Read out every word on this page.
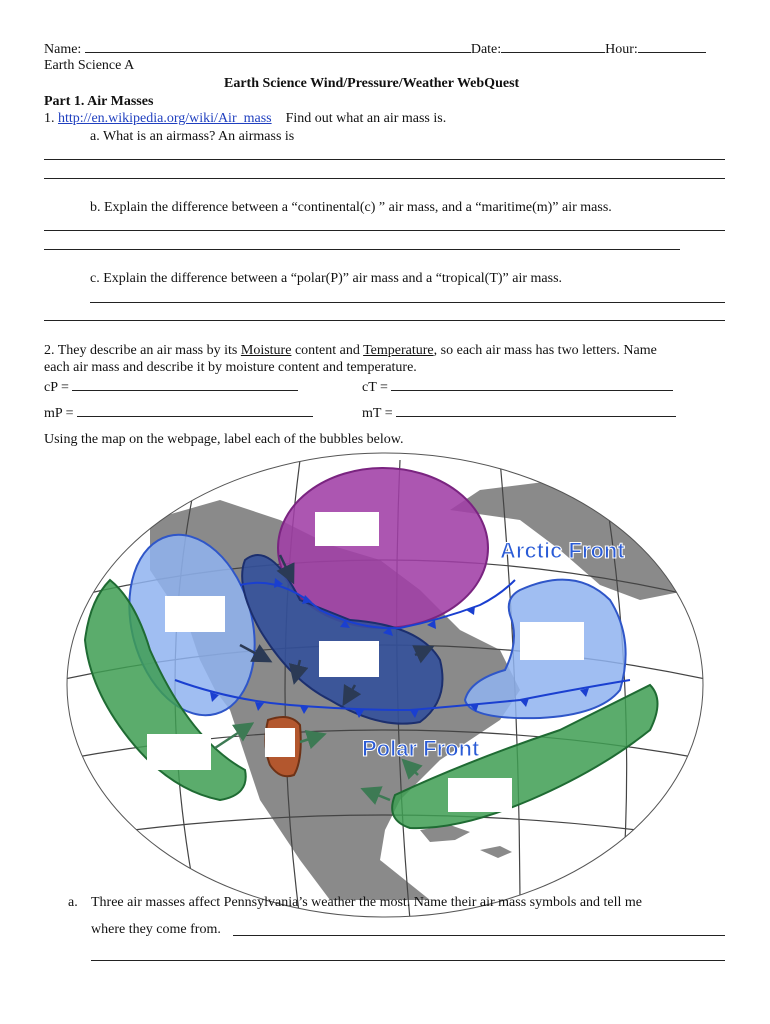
Name:	Date:	Hour:
Earth Science A
Earth Science Wind/Pressure/Weather WebQuest
Part 1. Air Masses
1. http://en.wikipedia.org/wiki/Air_mass Find out what an air mass is.
a. What is an airmass? An airmass is
b. Explain the difference between a “continental(c) ” air mass, and a “maritime(m)” air mass.
c. Explain the difference between a “polar(P)” air mass and a “tropical(T)” air mass.
2. They describe an air mass by its Moisture content and Temperature, so each air mass has two letters. Name
each air mass and describe it by moisture content and temperature.
cP =	cT =
mP =	mT =
Using the map on the webpage, label each of the bubbles below.
Arctic Front
Polar Front
a. Three air masses affect Pennsylvania’s weather the most. Name their air mass symbols and tell me
where they come from.
